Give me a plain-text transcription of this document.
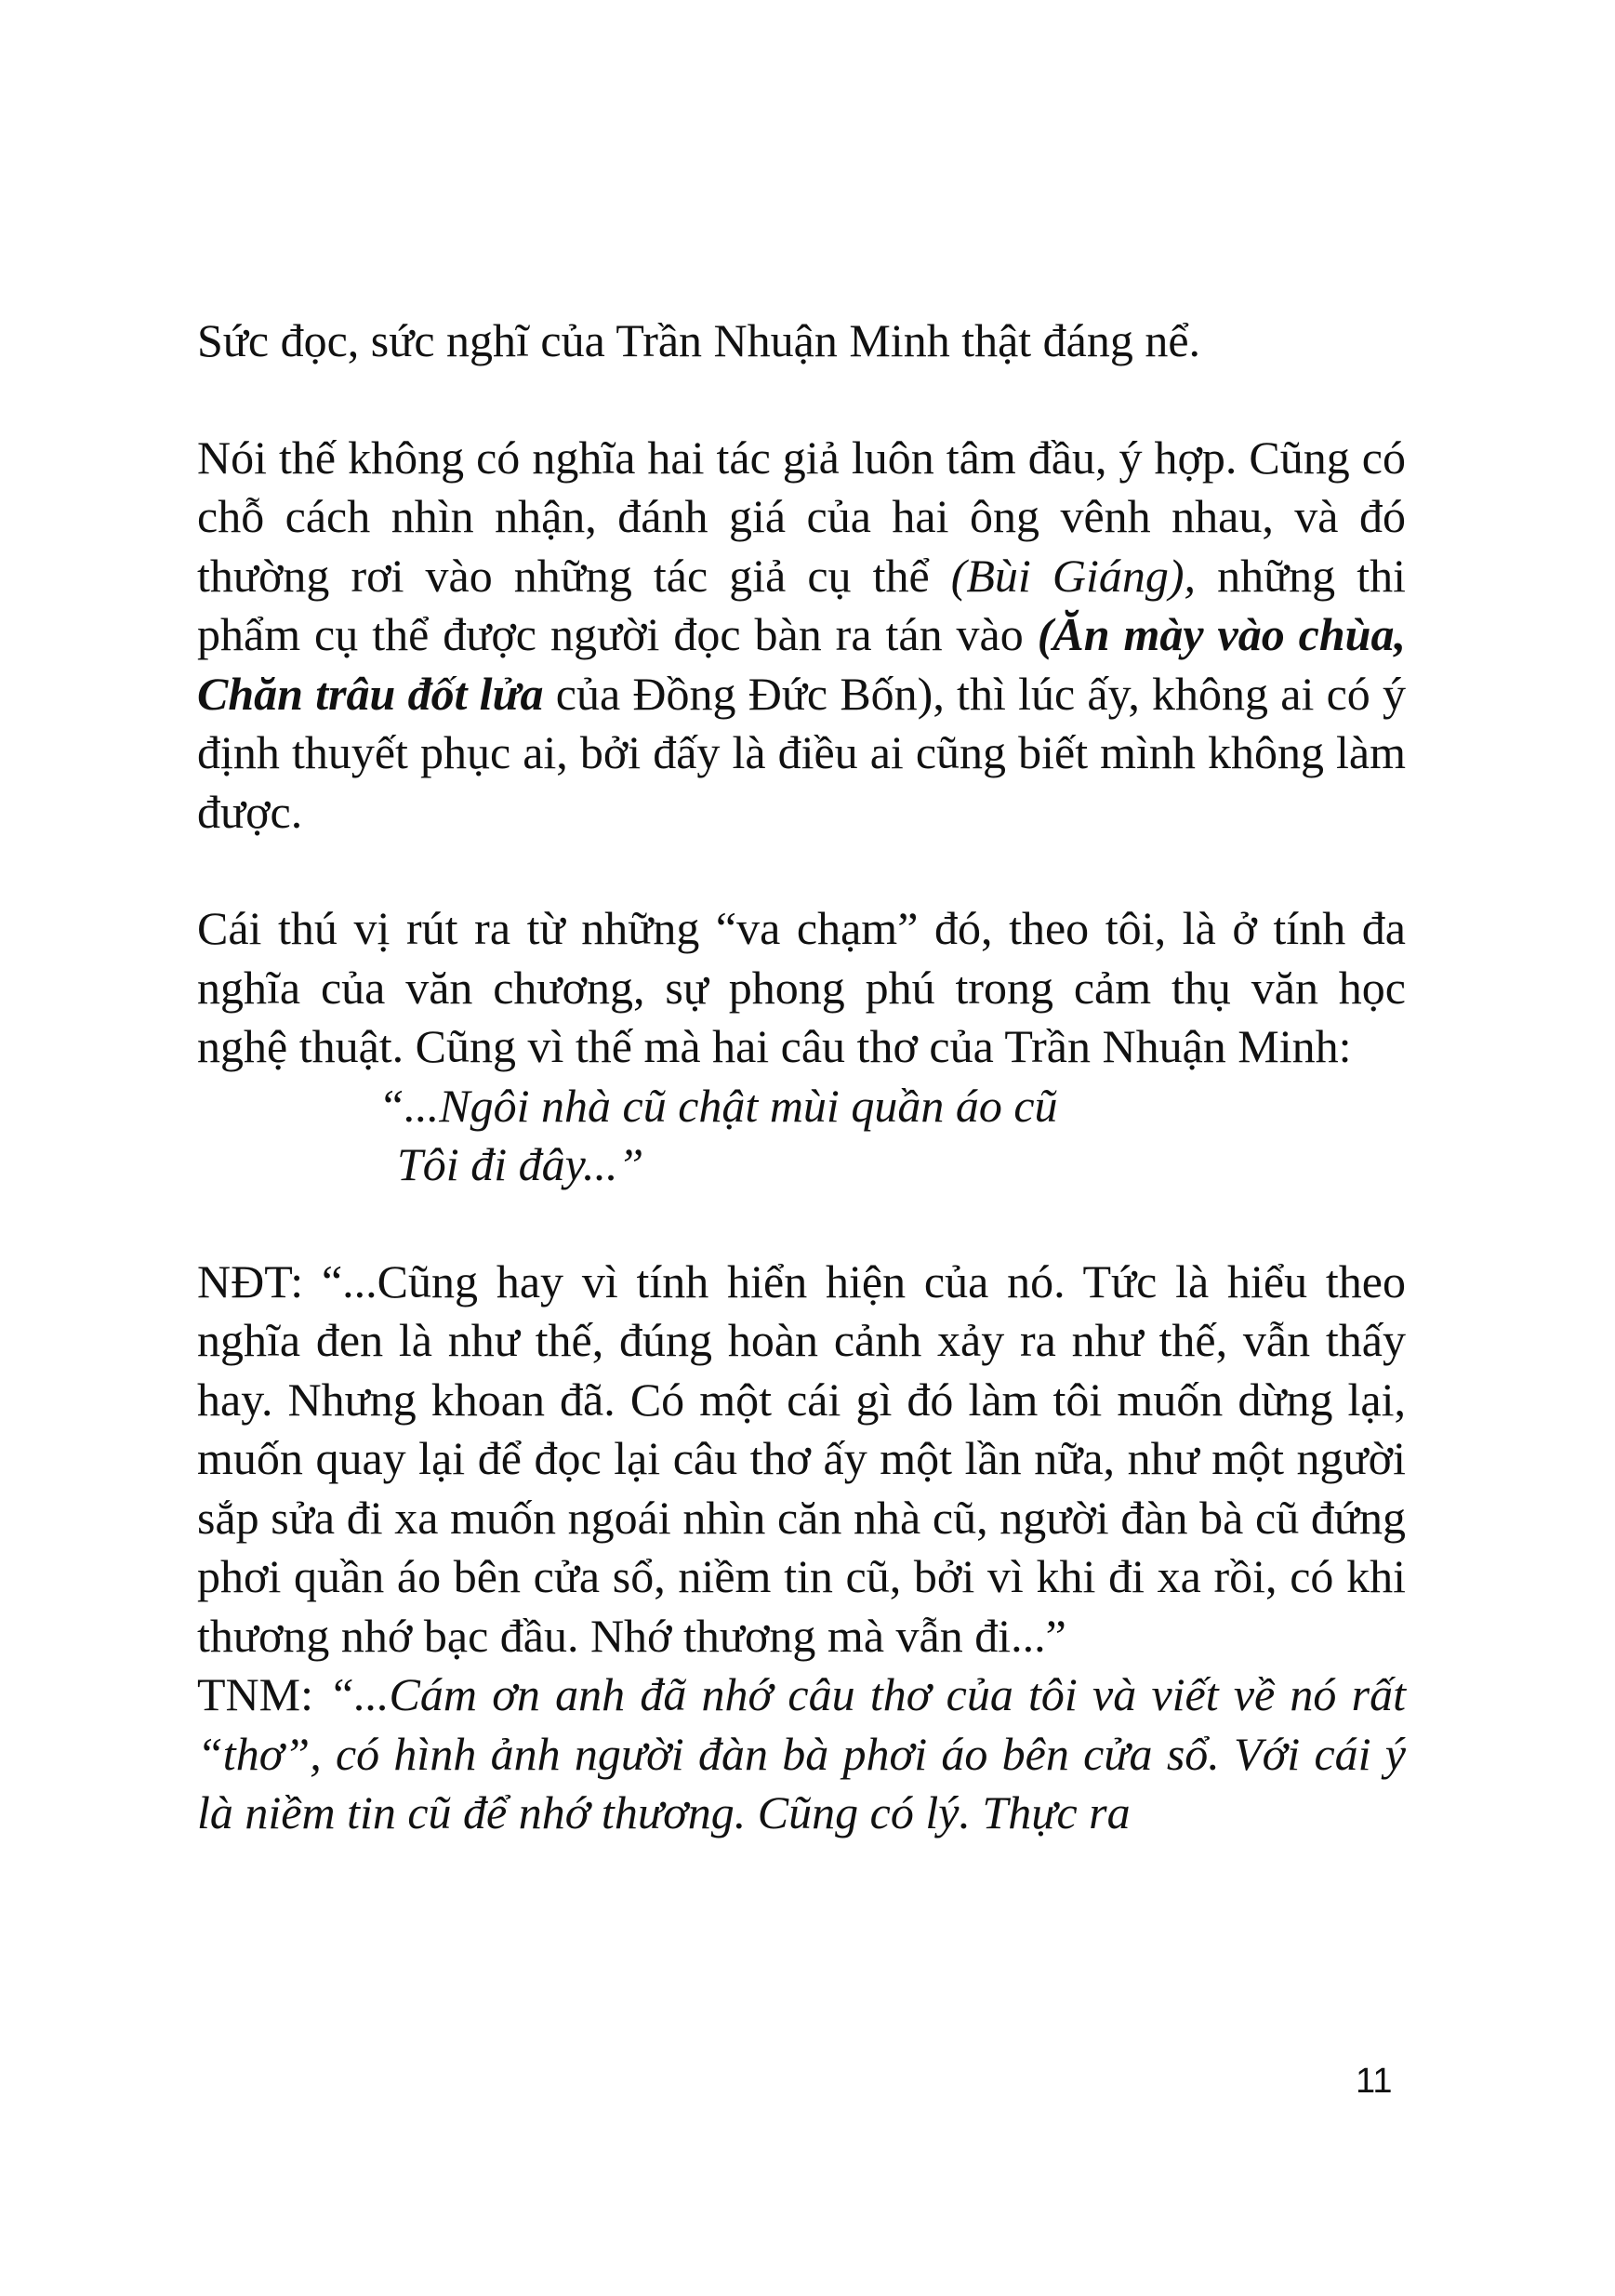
Sức đọc, sức nghĩ của Trần Nhuận Minh thật đáng nể.

Nói thế không có nghĩa hai tác giả luôn tâm đầu, ý hợp. Cũng có chỗ cách nhìn nhận, đánh giá của hai ông vênh nhau, và đó thường rơi vào những tác giả cụ thể (Bùi Giáng), những thi phẩm cụ thể được người đọc bàn ra tán vào (Ăn mày vào chùa, Chăn trâu đốt lửa của Đồng Đức Bốn), thì lúc ấy, không ai có ý định thuyết phục ai, bởi đấy là điều ai cũng biết mình không làm được.

Cái thú vị rút ra từ những “va chạm” đó, theo tôi, là ở tính đa nghĩa của văn chương, sự phong phú trong cảm thụ văn học nghệ thuật. Cũng vì thế mà hai câu thơ của Trần Nhuận Minh:

“...Ngôi nhà cũ chật mùi quần áo cũ
Tôi đi đây...”

NĐT: “...Cũng hay vì tính hiển hiện của nó. Tức là hiểu theo nghĩa đen là như thế, đúng hoàn cảnh xảy ra như thế, vẫn thấy hay. Nhưng khoan đã. Có một cái gì đó làm tôi muốn dừng lại, muốn quay lại để đọc lại câu thơ ấy một lần nữa, như một người sắp sửa đi xa muốn ngoái nhìn căn nhà cũ, người đàn bà cũ đứng phơi quần áo bên cửa sổ, niềm tin cũ, bởi vì khi đi xa rồi, có khi thương nhớ bạc đầu. Nhớ thương mà vẫn đi...”

TNM: “...Cám ơn anh đã nhớ câu thơ của tôi và viết về nó rất “thơ”, có hình ảnh người đàn bà phơi áo bên cửa sổ. Với cái ý là niềm tin cũ để nhớ thương. Cũng có lý. Thực ra

11
